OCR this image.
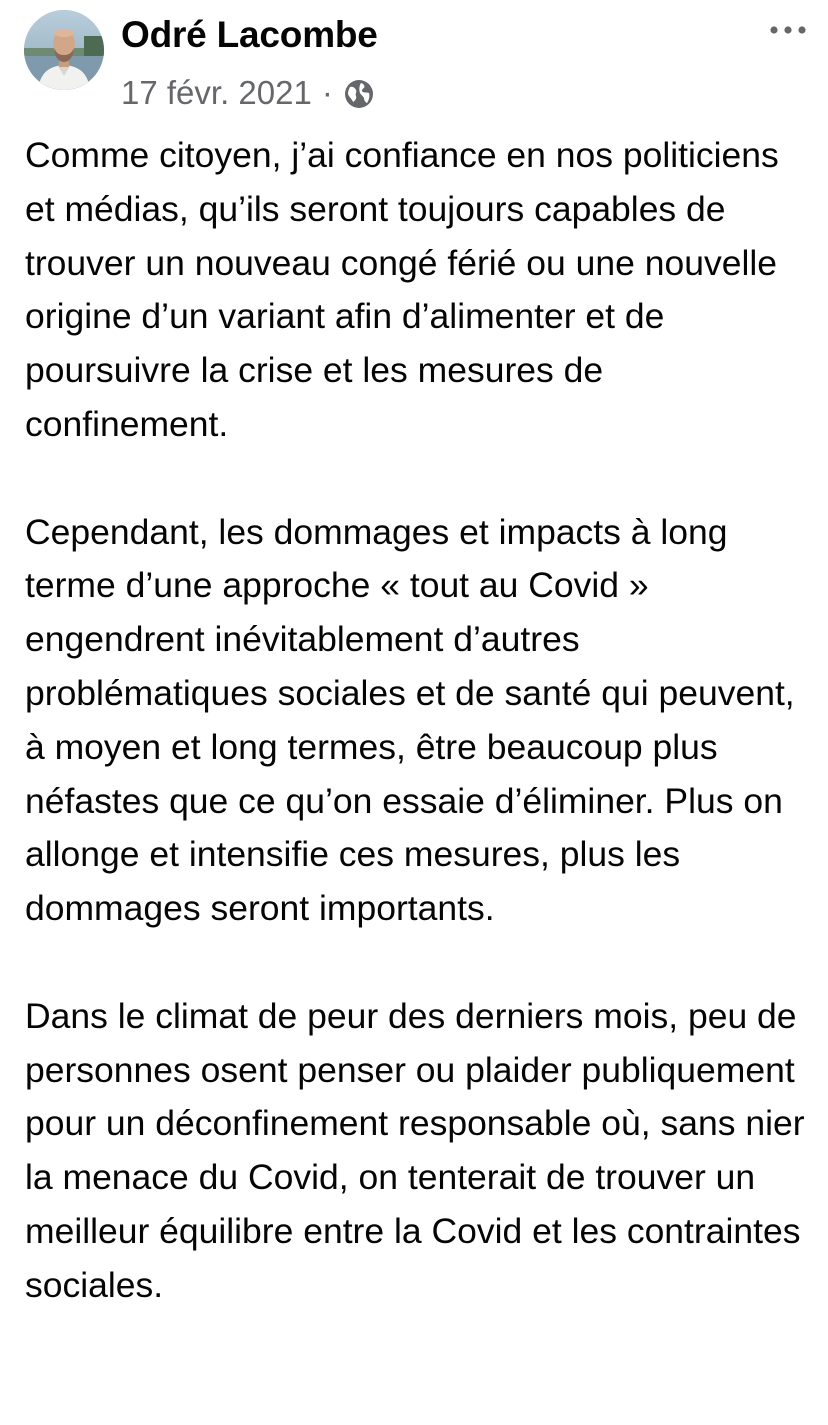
Odré Lacombe
17 févr. 2021 ·

Comme citoyen, j’ai confiance en nos politiciens et médias, qu’ils seront toujours capables de trouver un nouveau congé férié ou une nouvelle origine d’un variant afin d’alimenter et de poursuivre la crise et les mesures de confinement.

Cependant, les dommages et impacts à long terme d’une approche « tout au Covid » engendrent inévitablement d’autres problématiques sociales et de santé qui peuvent, à moyen et long termes, être beaucoup plus néfastes que ce qu’on essaie d’éliminer. Plus on allonge et intensifie ces mesures, plus les dommages seront importants.

Dans le climat de peur des derniers mois, peu de personnes osent penser ou plaider publiquement pour un déconfinement responsable où, sans nier la menace du Covid, on tenterait de trouver un meilleur équilibre entre la Covid et les contraintes sociales.
